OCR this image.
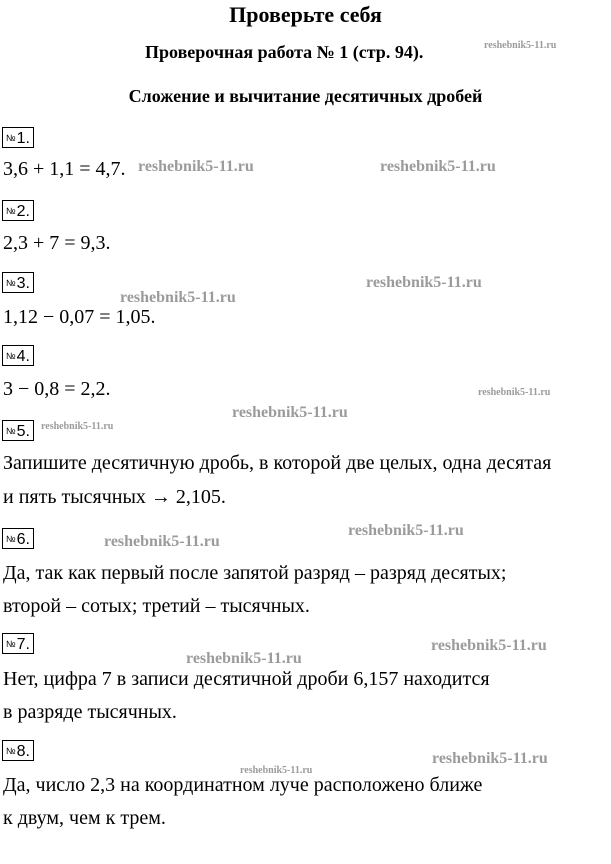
Проверьте себя
Проверочная работа № 1 (стр. 94).
Сложение и вычитание десятичных дробей
№1.
3,6 + 1,1 = 4,7.
№2.
2,3 + 7 = 9,3.
№3.
1,12 − 0,07 = 1,05.
№4.
3 − 0,8 = 2,2.
№5.
Запишите десятичную дробь, в которой две целых, одна десятая
и пять тысячных → 2,105.
№6.
Да, так как первый после запятой разряд – разряд десятых;
второй – сотых; третий – тысячных.
№7.
Нет, цифра 7 в записи десятичной дроби 6,157 находится
в разряде тысячных.
№8.
Да, число 2,3 на координатном луче расположено ближе
к двум, чем к трем.
reshebnik5-11.ru
reshebnik5-11.ru	reshebnik5-11.ru
reshebnik5-11.ru
reshebnik5-11.ru
reshebnik5-11.ru
reshebnik5-11.ru
reshebnik5-11.ru
reshebnik5-11.ru
reshebnik5-11.ru
reshebnik5-11.ru
reshebnik5-11.ru
reshebnik5-11.ru
reshebnik5-11.ru
